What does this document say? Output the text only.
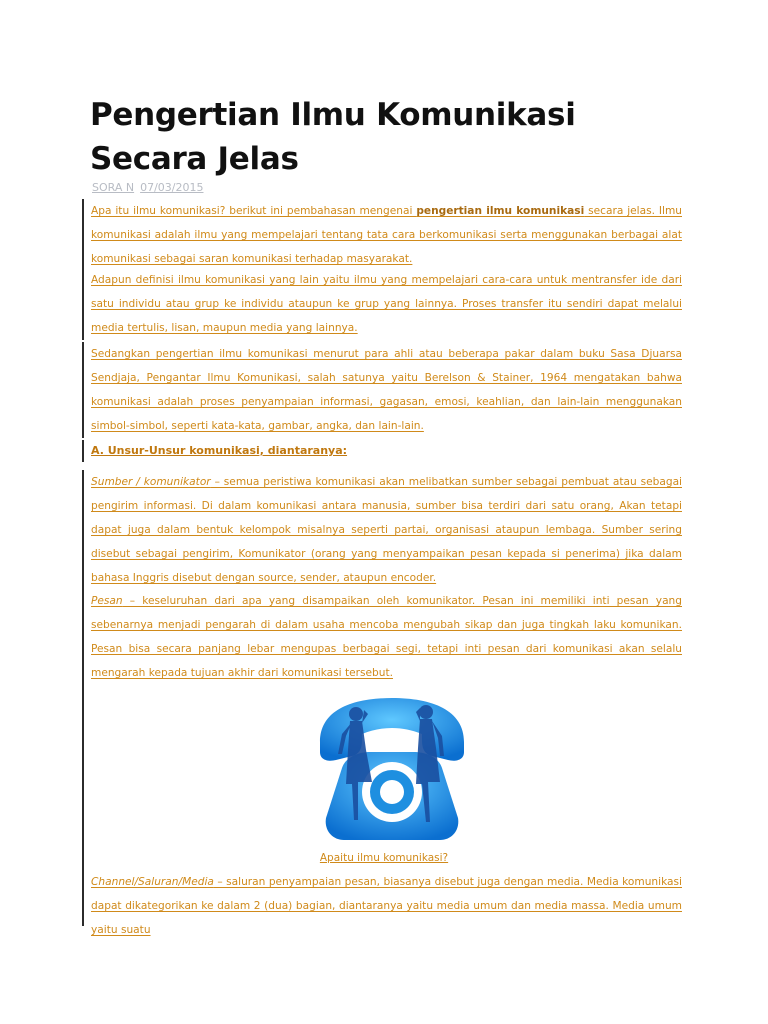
Pengertian Ilmu Komunikasi Secara Jelas
SORA N 07/03/2015

Apa itu ilmu komunikasi? berikut ini pembahasan mengenai pengertian ilmu komunikasi secara jelas. Ilmu komunikasi adalah ilmu yang mempelajari tentang tata cara berkomunikasi serta menggunakan berbagai alat komunikasi sebagai saran komunikasi terhadap masyarakat.

Adapun definisi ilmu komunikasi yang lain yaitu ilmu yang mempelajari cara-cara untuk mentransfer ide dari satu individu atau grup ke individu ataupun ke grup yang lainnya. Proses transfer itu sendiri dapat melalui media tertulis, lisan, maupun media yang lainnya.

Sedangkan pengertian ilmu komunikasi menurut para ahli atau beberapa pakar dalam buku Sasa Djuarsa Sendjaja, Pengantar Ilmu Komunikasi, salah satunya yaitu Berelson & Stainer, 1964 mengatakan bahwa komunikasi adalah proses penyampaian informasi, gagasan, emosi, keahlian, dan lain-lain menggunakan simbol-simbol, seperti kata-kata, gambar, angka, dan lain-lain.

A. Unsur-Unsur komunikasi, diantaranya:

Sumber / komunikator – semua peristiwa komunikasi akan melibatkan sumber sebagai pembuat atau sebagai pengirim informasi. Di dalam komunikasi antara manusia, sumber bisa terdiri dari satu orang, Akan tetapi dapat juga dalam bentuk kelompok misalnya seperti partai, organisasi ataupun lembaga. Sumber sering disebut sebagai pengirim, Komunikator (orang yang menyampaikan pesan kepada si penerima) jika dalam bahasa Inggris disebut dengan source, sender, ataupun encoder.

Pesan – keseluruhan dari apa yang disampaikan oleh komunikator. Pesan ini memiliki inti pesan yang sebenarnya menjadi pengarah di dalam usaha mencoba mengubah sikap dan juga tingkah laku komunikan. Pesan bisa secara panjang lebar mengupas berbagai segi, tetapi inti pesan dari komunikasi akan selalu mengarah kepada tujuan akhir dari komunikasi tersebut.

Apaitu ilmu komunikasi?

Channel/Saluran/Media – saluran penyampaian pesan, biasanya disebut juga dengan media. Media komunikasi dapat dikategorikan ke dalam 2 (dua) bagian, diantaranya yaitu media umum dan media massa. Media umum yaitu suatu
